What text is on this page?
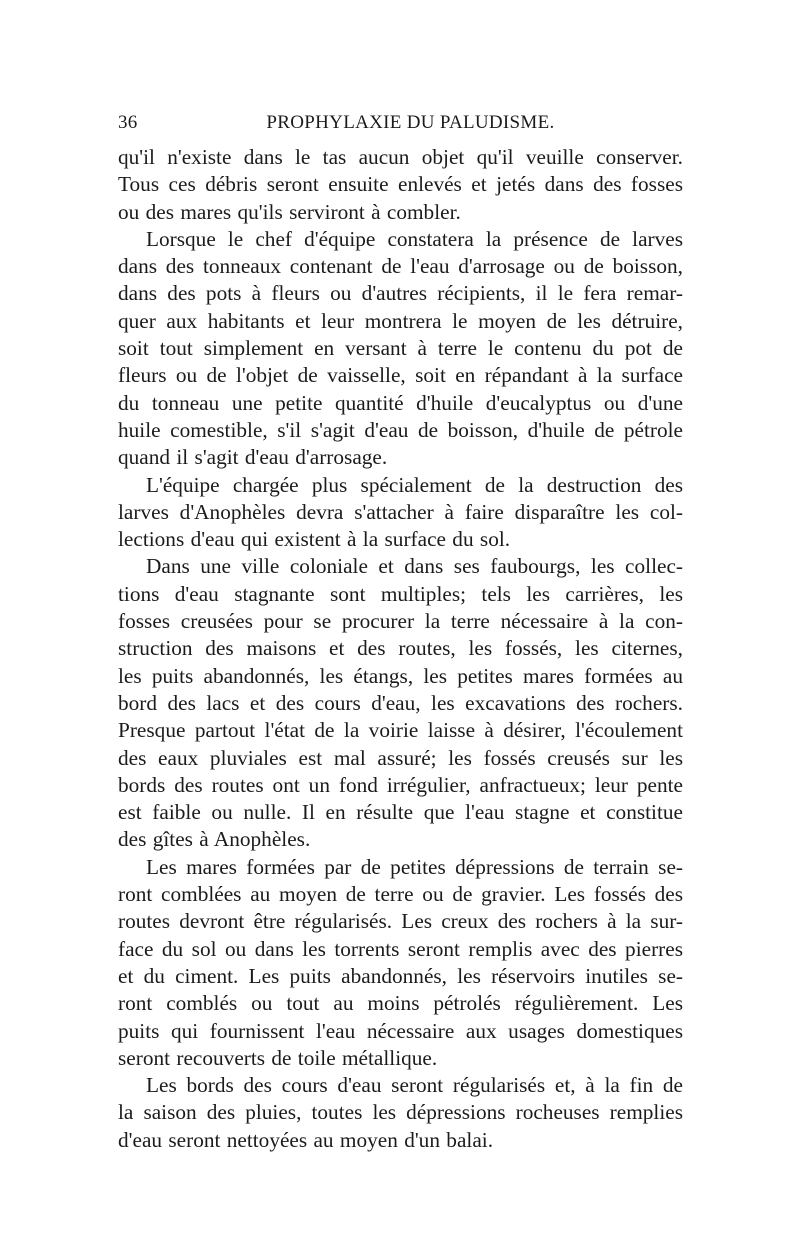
36	PROPHYLAXIE DU PALUDISME.

qu'il n'existe dans le tas aucun objet qu'il veuille conserver.
Tous ces débris seront ensuite enlevés et jetés dans des fosses
ou des mares qu'ils serviront à combler.

Lorsque le chef d'équipe constatera la présence de larves
dans des tonneaux contenant de l'eau d'arrosage ou de boisson,
dans des pots à fleurs ou d'autres récipients, il le fera remar-
quer aux habitants et leur montrera le moyen de les détruire,
soit tout simplement en versant à terre le contenu du pot de
fleurs ou de l'objet de vaisselle, soit en répandant à la surface
du tonneau une petite quantité d'huile d'eucalyptus ou d'une
huile comestible, s'il s'agit d'eau de boisson, d'huile de pétrole
quand il s'agit d'eau d'arrosage.

L'équipe chargée plus spécialement de la destruction des
larves d'Anophèles devra s'attacher à faire disparaître les col-
lections d'eau qui existent à la surface du sol.

Dans une ville coloniale et dans ses faubourgs, les collec-
tions d'eau stagnante sont multiples; tels les carrières, les
fosses creusées pour se procurer la terre nécessaire à la con-
struction des maisons et des routes, les fossés, les citernes,
les puits abandonnés, les étangs, les petites mares formées au
bord des lacs et des cours d'eau, les excavations des rochers.
Presque partout l'état de la voirie laisse à désirer, l'écoulement
des eaux pluviales est mal assuré; les fossés creusés sur les
bords des routes ont un fond irrégulier, anfractueux; leur pente
est faible ou nulle. Il en résulte que l'eau stagne et constitue
des gîtes à Anophèles.

Les mares formées par de petites dépressions de terrain se-
ront comblées au moyen de terre ou de gravier. Les fossés des
routes devront être régularisés. Les creux des rochers à la sur-
face du sol ou dans les torrents seront remplis avec des pierres
et du ciment. Les puits abandonnés, les réservoirs inutiles se-
ront comblés ou tout au moins pétrolés régulièrement. Les
puits qui fournissent l'eau nécessaire aux usages domestiques
seront recouverts de toile métallique.

Les bords des cours d'eau seront régularisés et, à la fin de
la saison des pluies, toutes les dépressions rocheuses remplies
d'eau seront nettoyées au moyen d'un balai.
